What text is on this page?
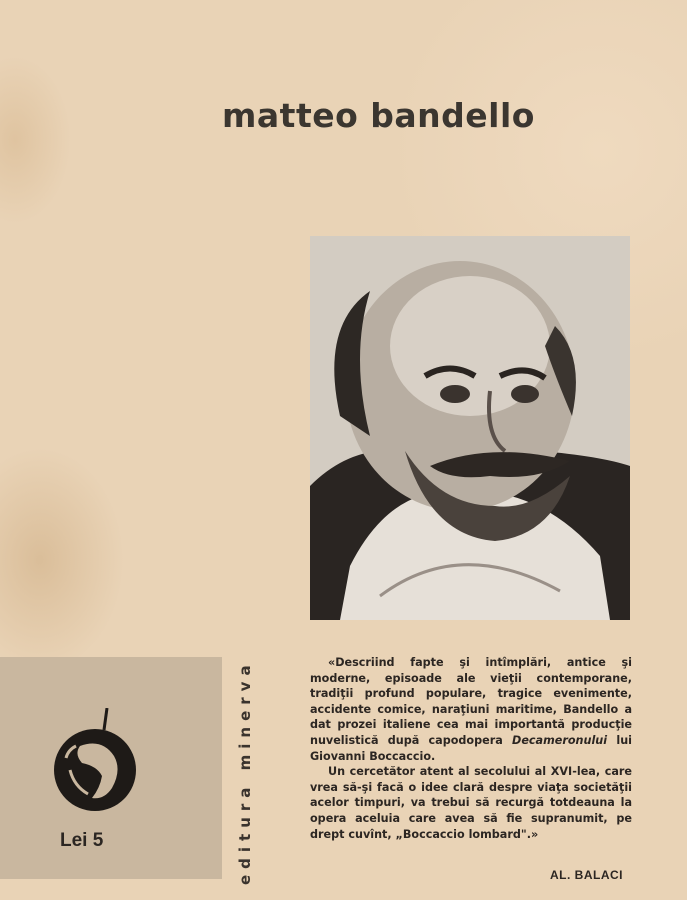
matteo bandello
Lei 5	editura minerva	«Descriind fapte şi intîmplări, antice şi moderne, episoade ale vieţii contemporane, tradiţii profund populare, tragice evenimente, accidente comice, naraţiuni maritime, Bandello a dat prozei italiene cea mai importantă producţie nuvelistică după capodopera Decameronului lui Giovanni Boccaccio.

Un cercetător atent al secolului al XVI-lea, care vrea să-şi facă o idee clară despre viaţa societăţii acelor timpuri, va trebui să recurgă totdeauna la opera aceluia care avea să fie supranumit, pe drept cuvînt, „Boccaccio lombard".»

AL. BALACI
